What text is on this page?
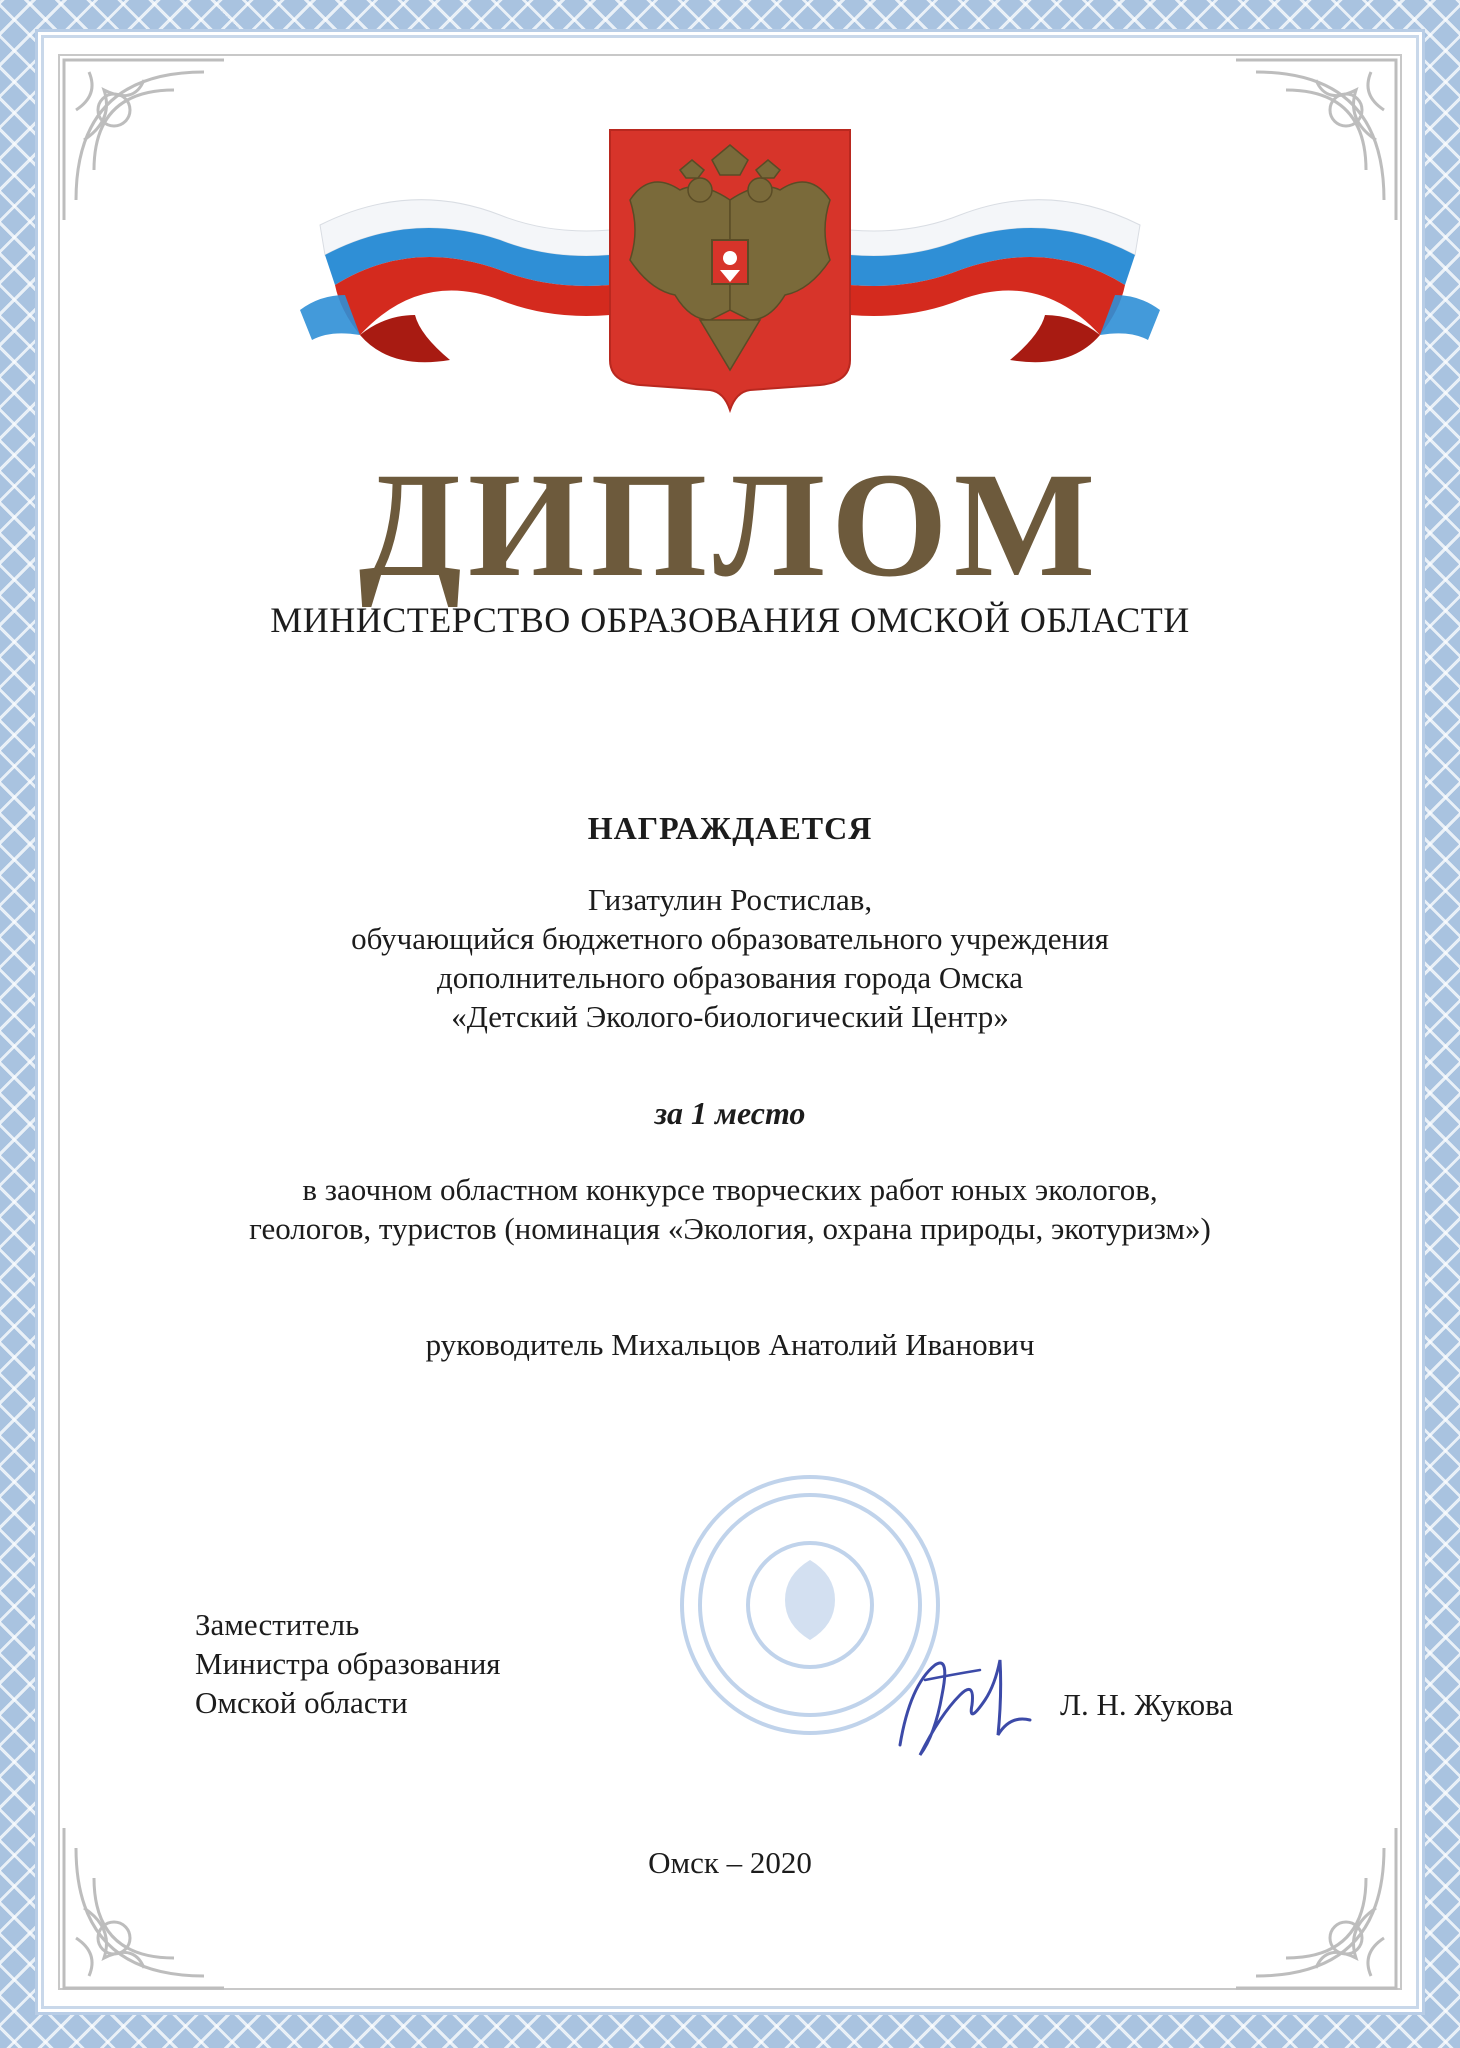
ДИПЛОМ
МИНИСТЕРСТВО ОБРАЗОВАНИЯ ОМСКОЙ ОБЛАСТИ
НАГРАЖДАЕТСЯ
Гизатулин Ростислав,
обучающийся бюджетного образовательного учреждения
дополнительного образования города Омска
«Детский Эколого-биологический Центр»
за 1 место
в заочном областном конкурсе творческих работ юных экологов,
геологов, туристов (номинация «Экология, охрана природы, экотуризм»)
руководитель Михальцов Анатолий Иванович
Заместитель
Министра образования
Омской области	Л. Н. Жукова
Омск – 2020
